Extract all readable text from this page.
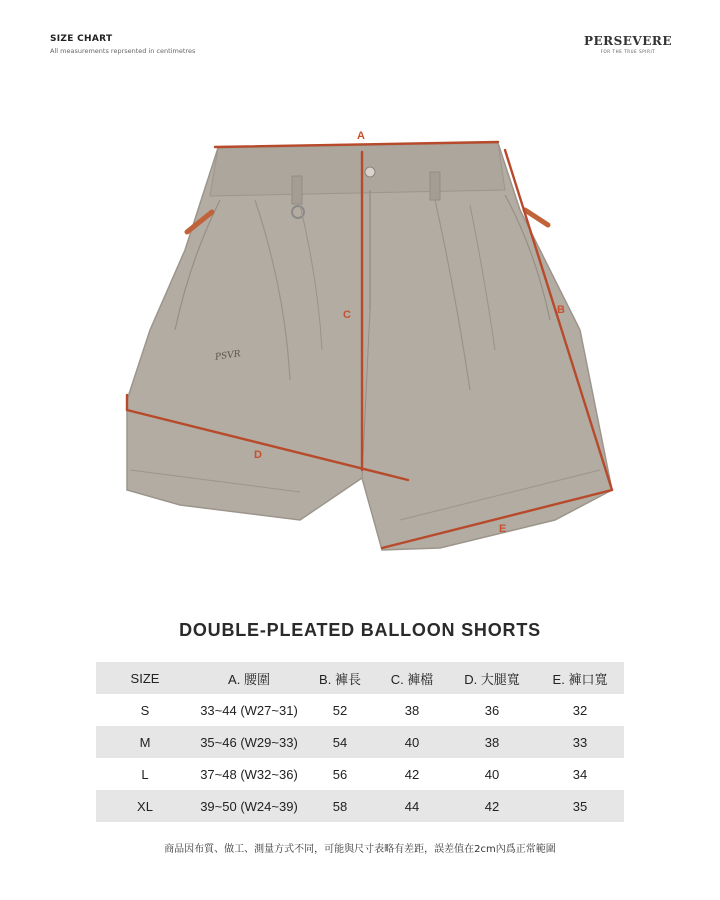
SIZE CHART
All measurements reprsented in centimetres
PERSEVERE
FOR THE TRUE SPIRIT
PSVR
A
B
C
D
E
DOUBLE-PLEATED BALLOON SHORTS
SIZE	A. 腰圍	B. 褲長	C. 褲檔	D. 大腿寬	E. 褲口寬
S	33~44 (W27~31)	52	38	36	32
M	35~46 (W29~33)	54	40	38	33
L	37~48 (W32~36)	56	42	40	34
XL	39~50 (W24~39)	58	44	42	35
商品因布質、做工、測量方式不同，可能與尺寸表略有差距，誤差值在2cm內爲正常範圍
